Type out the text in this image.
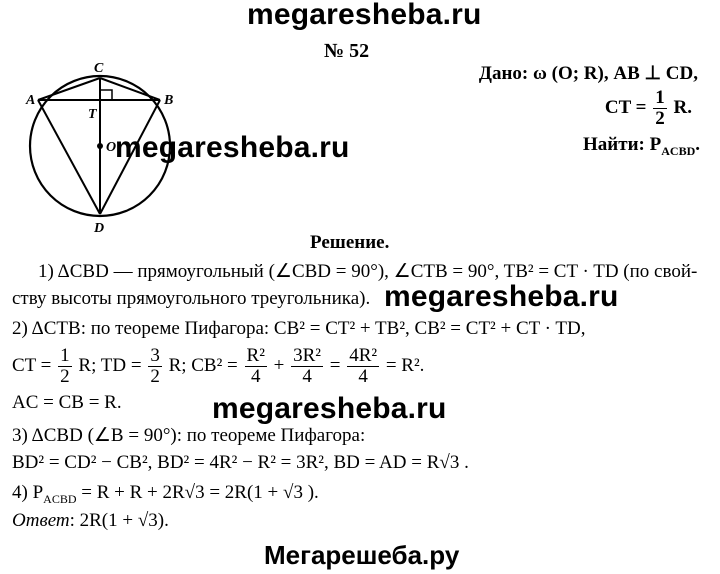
megaresheba.ru
№ 52
Дано: ω (O; R), AB ⊥ CD,
CT = $\frac{1}{2} R$.
Найти: $P_{ACBD}$.
C
A	B
T
O
D
megaresheba.ru
Решение.
1) ΔCBD — прямоугольный (∠CBD = 90°), ∠CTB = 90°, TB² = CT · TD (по свой-
ству высоты прямоугольного треугольника). megaresheba.ru
2) ΔCTB: по теореме Пифагора: CB² = CT² + TB², CB² = CT² + CT · TD,
CT = $\frac{1}{2} R$; TD = $\frac{3}{2} R$; $CB^2 = \frac{\text{R²}}{4} + \frac{\text{3R²}}{4} = \frac{\text{4R²}}{4} = R^2$.
AC = CB = R.	megaresheba.ru
3) ΔCBD (∠B = 90°): по теореме Пифагора:
BD² = CD² − CB², BD² = 4R² − R² = 3R², BD = AD = R√3 .
4) $P_{ACBD} = R + R + 2R√3 = 2R(1 + √3$ ).
Ответ: 2R(1 + √3).
Мегарешеба.ру
